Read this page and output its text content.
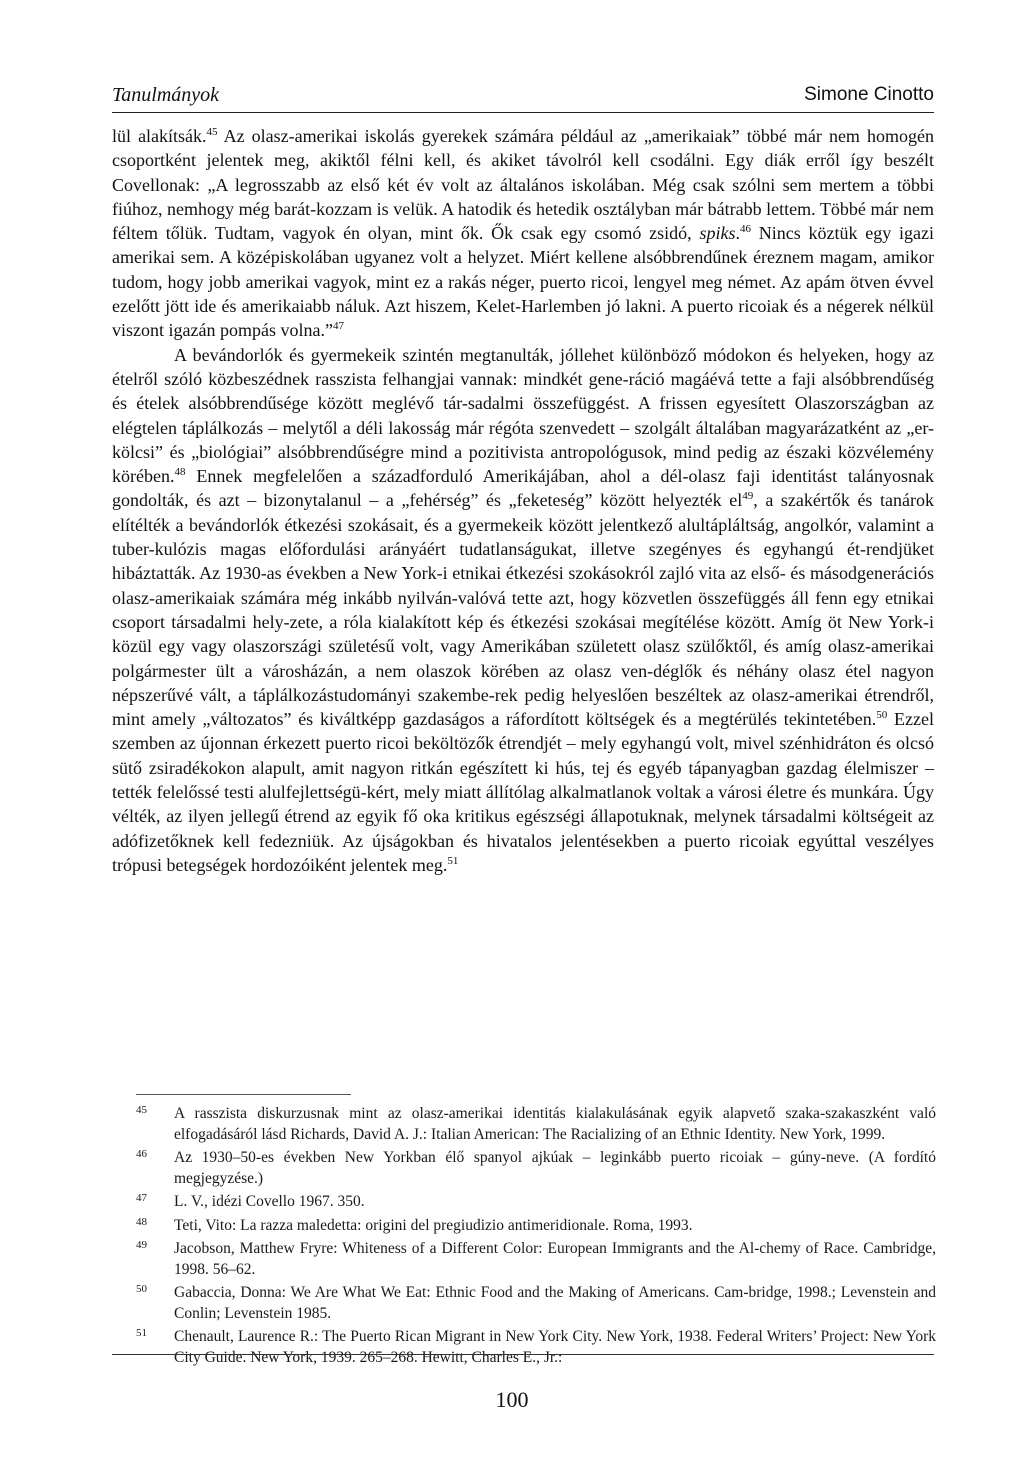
Tanulmányok	Simone Cinotto

lül alakítsák.$^{45}$ Az olasz-amerikai iskolás gyerekek számára például az „amerikaiak” többé már nem homogén csoportként jelentek meg, akiktől félni kell, és akiket távolról kell csodálni. Egy diák erről így beszélt Covellonak: „A legrosszabb az első két év volt az általános iskolában. Még csak szólni sem mertem a többi fiúhoz, nemhogy még barát-kozzam is velük. A hatodik és hetedik osztályban már bátrabb lettem. Többé már nem féltem tőlük. Tudtam, vagyok én olyan, mint ők. Ők csak egy csomó zsidó, spiks.$^{46}$ Nincs köztük egy igazi amerikai sem. A középiskolában ugyanez volt a helyzet. Miért kellene alsóbbrendűnek éreznem magam, amikor tudom, hogy jobb amerikai vagyok, mint ez a rakás néger, puerto ricoi, lengyel meg német. Az apám ötven évvel ezelőtt jött ide és amerikaiabb náluk. Azt hiszem, Kelet-Harlemben jó lakni. A puerto ricoiak és a négerek nélkül viszont igazán pompás volna.”$^{47}$

A bevándorlók és gyermekeik szintén megtanulták, jóllehet különböző módokon és helyeken, hogy az ételről szóló közbeszédnek rasszista felhangjai vannak: mindkét gene-ráció magáévá tette a faji alsóbbrendűség és ételek alsóbbrendűsége között meglévő tár-sadalmi összefüggést. A frissen egyesített Olaszországban az elégtelen táplálkozás – melytől a déli lakosság már régóta szenvedett – szolgált általában magyarázatként az „er-kölcsi” és „biológiai” alsóbbrendűségre mind a pozitivista antropológusok, mind pedig az északi közvélemény körében.$^{48}$ Ennek megfelelően a századforduló Amerikájában, ahol a dél-olasz faji identitást talányosnak gondolták, és azt – bizonytalanul – a „fehérség” és „feketeség” között helyezték $el^{49}$, a szakértők és tanárok elítélték a bevándorlók étkezési szokásait, és a gyermekeik között jelentkező alultápláltság, angolkór, valamint a tuber-kulózis magas előfordulási arányáért tudatlanságukat, illetve szegényes és egyhangú ét-rendjüket hibáztatták. Az 1930-as években a New York-i etnikai étkezési szokásokról zajló vita az első- és másodgenerációs olasz-amerikaiak számára még inkább nyilván-valóvá tette azt, hogy közvetlen összefüggés áll fenn egy etnikai csoport társadalmi hely-zete, a róla kialakított kép és étkezési szokásai megítélése között. Amíg öt New York-i közül egy vagy olaszországi születésű volt, vagy Amerikában született olasz szülőktől, és amíg olasz-amerikai polgármester ült a városházán, a nem olaszok körében az olasz ven-déglők és néhány olasz étel nagyon népszerűvé vált, a táplálkozástudományi szakembe-rek pedig helyeslően beszéltek az olasz-amerikai étrendről, mint amely „változatos” és kiváltképp gazdaságos a ráfordított költségek és a megtérülés tekintetében.$^{50}$ Ezzel szemben az újonnan érkezett puerto ricoi beköltözők étrendjét – mely egyhangú volt, mivel szénhidráton és olcsó sütő zsiradékokon alapult, amit nagyon ritkán egészített ki hús, tej és egyéb tápanyagban gazdag élelmiszer – tették felelőssé testi alulfejlettségü-kért, mely miatt állítólag alkalmatlanok voltak a városi életre és munkára. Úgy vélték, az ilyen jellegű étrend az egyik fő oka kritikus egészségi állapotuknak, melynek társadalmi költségeit az adófizetőknek kell fedezniük. Az újságokban és hivatalos jelentésekben a puerto ricoiak egyúttal veszélyes trópusi betegségek hordozóiként jelentek meg.$^{51}$

45 A rasszista diskurzusnak mint az olasz-amerikai identitás kialakulásának egyik alapvető szaka-szakaszként való elfogadásáról lásd Richards, David A. J.: Italian American: The Racializing of an Ethnic Identity. New York, 1999.
46 Az 1930–50-es években New Yorkban élő spanyol ajkúak – leginkább puerto ricoiak – gúny-neve. (A fordító megjegyzése.)
47 L. V., idézi Covello 1967. 350.
48 Teti, Vito: La razza maledetta: origini del pregiudizio antimeridionale. Roma, 1993.
49 Jacobson, Matthew Fryre: Whiteness of a Different Color: European Immigrants and the Al-chemy of Race. Cambridge, 1998. 56–62.
50 Gabaccia, Donna: We Are What We Eat: Ethnic Food and the Making of Americans. Cam-bridge, 1998.; Levenstein and Conlin; Levenstein 1985.
51 Chenault, Laurence R.: The Puerto Rican Migrant in New York City. New York, 1938. Federal Writers’ Project: New York City Guide. New York, 1939. 265–268. Hewitt, Charles E., Jr.:
100
